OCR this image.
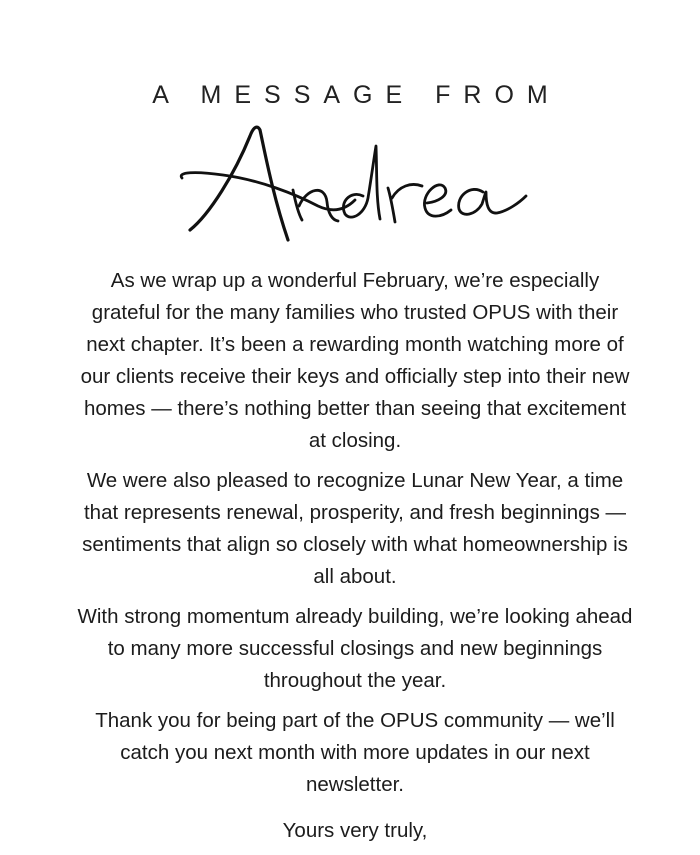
A MESSAGE FROM

As we wrap up a wonderful February, we’re especially grateful for the many families who trusted OPUS with their next chapter. It’s been a rewarding month watching more of our clients receive their keys and officially step into their new homes — there’s nothing better than seeing that excitement at closing.

We were also pleased to recognize Lunar New Year, a time that represents renewal, prosperity, and fresh beginnings — sentiments that align so closely with what homeownership is all about.

With strong momentum already building, we’re looking ahead to many more successful closings and new beginnings throughout the year.

Thank you for being part of the OPUS community — we’ll catch you next month with more updates in our next newsletter.

Yours very truly,
